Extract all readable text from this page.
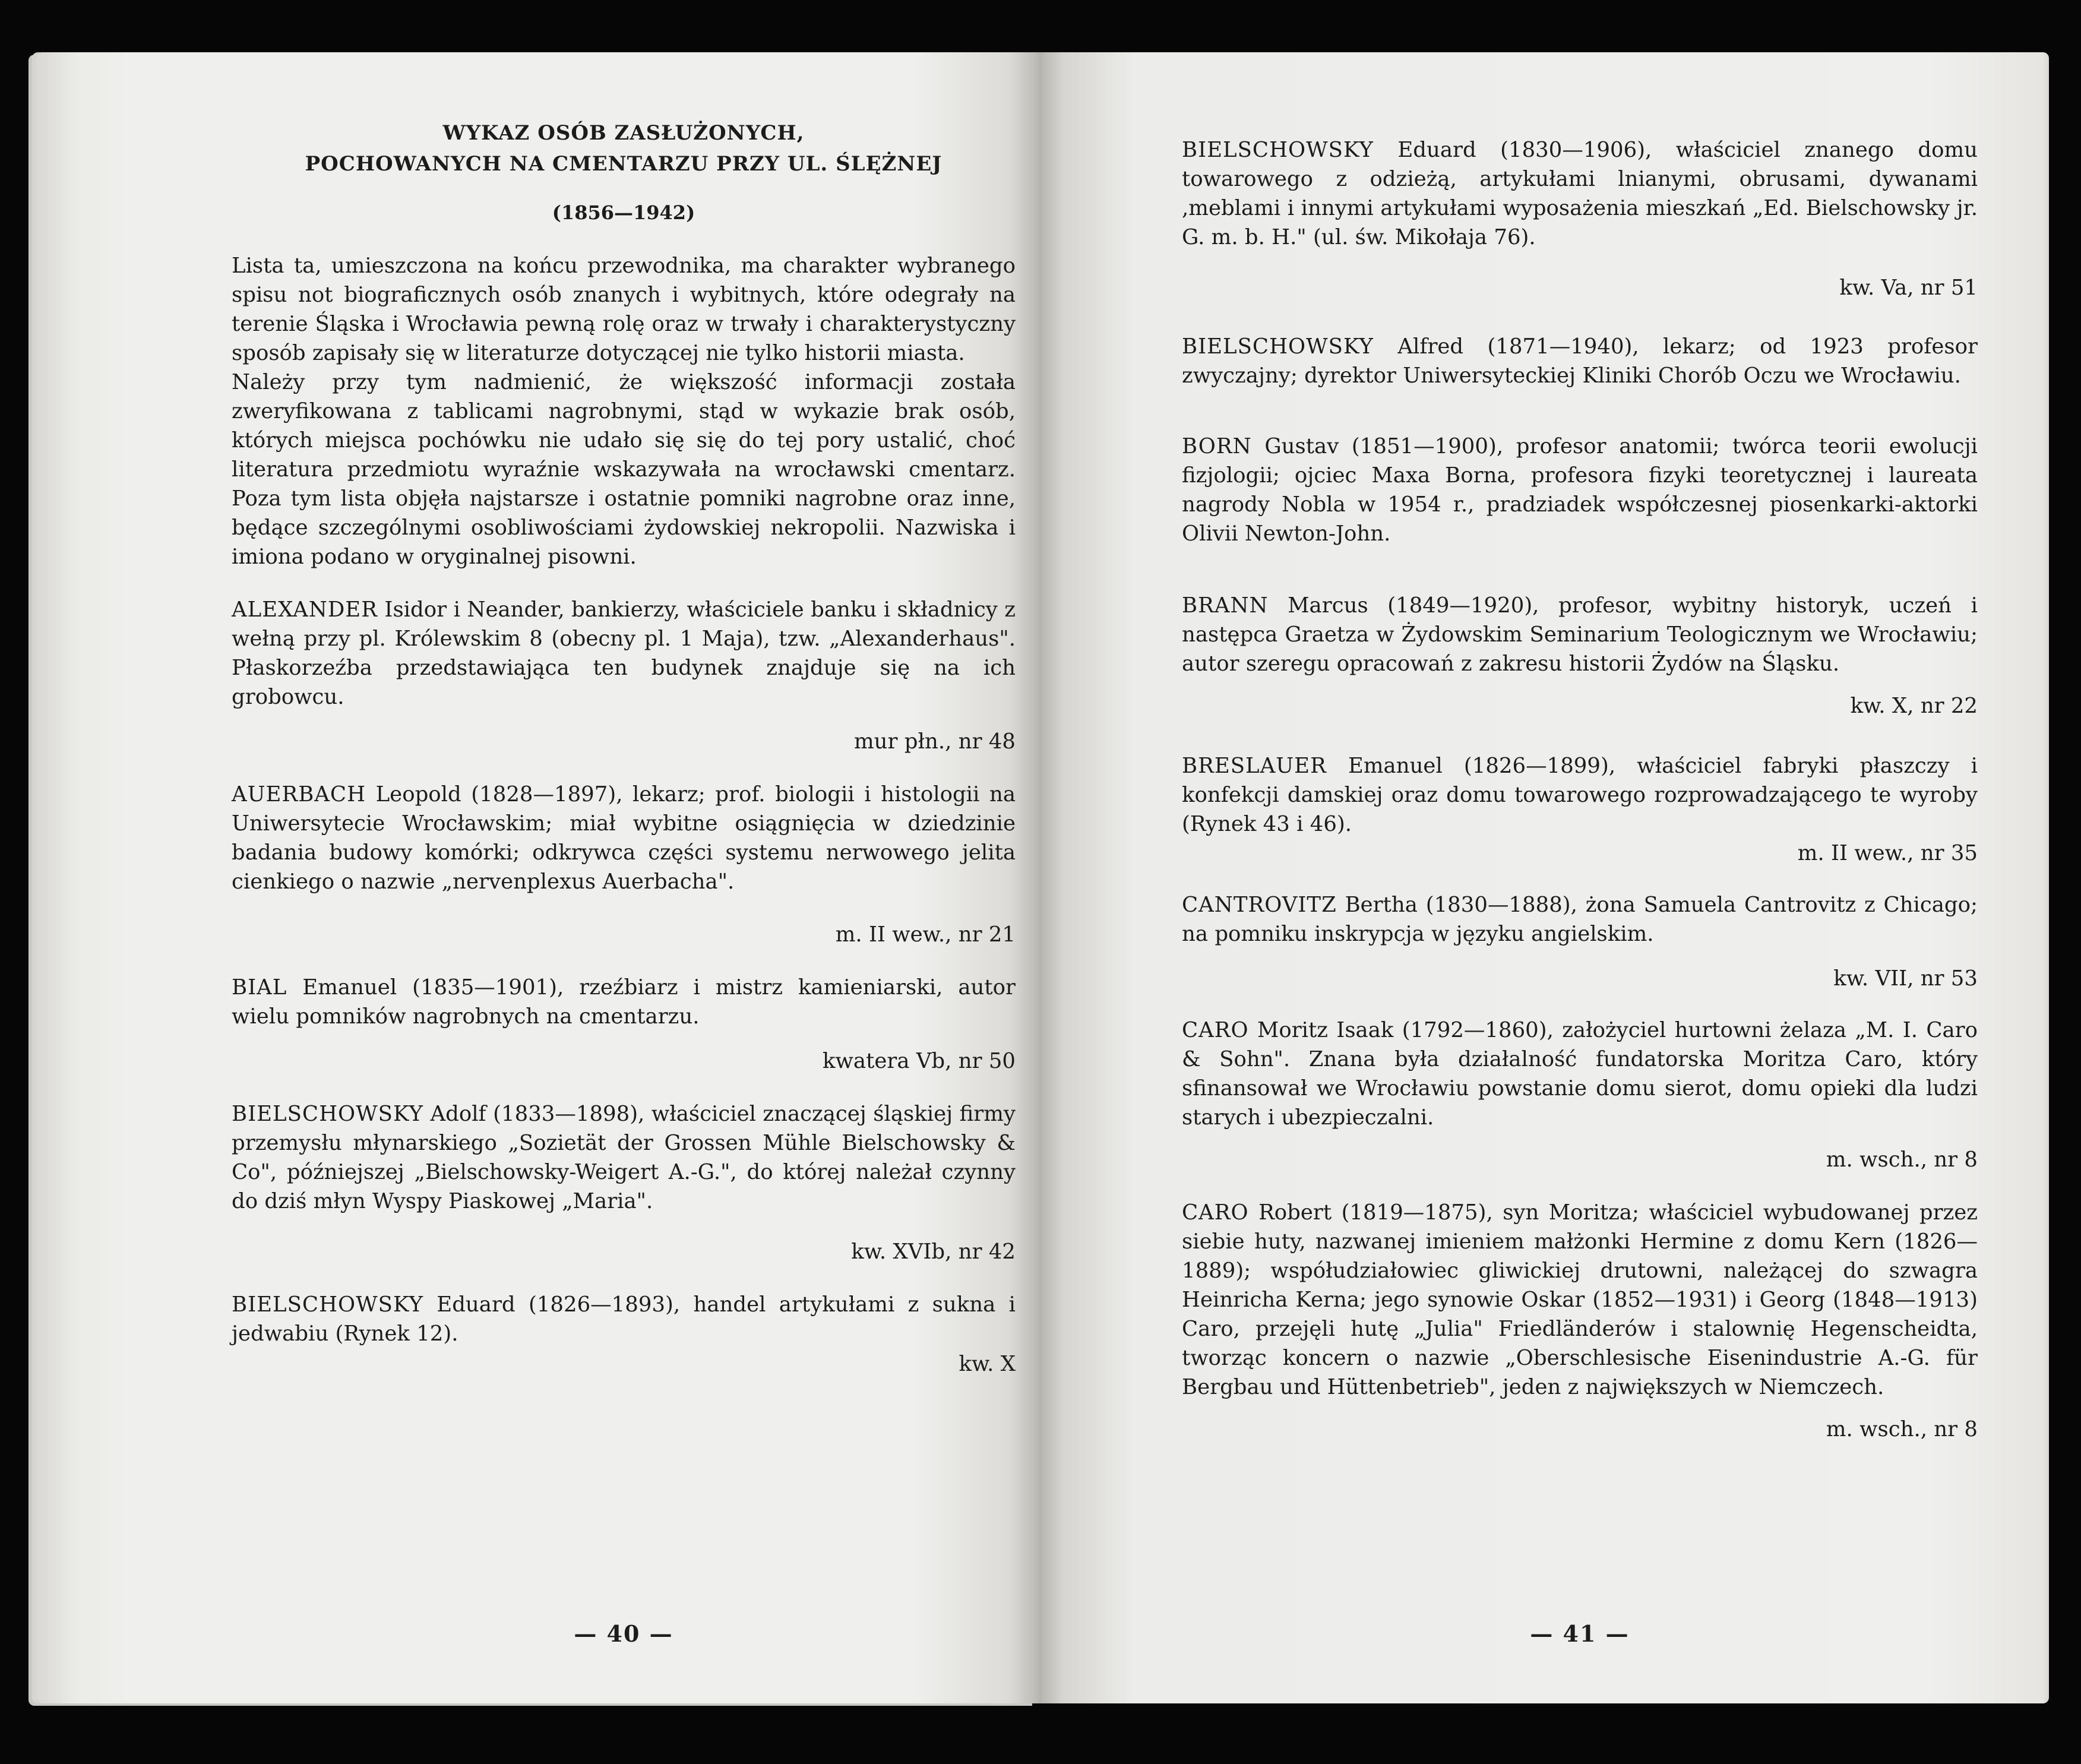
WYKAZ OSÓB ZASŁUŻONYCH,
POCHOWANYCH NA CMENTARZU PRZY UL. ŚLĘŻNEJ
(1856—1942)

Lista ta, umieszczona na końcu przewodnika, ma charakter wybranego spisu not biograficznych osób znanych i wybitnych, które odegrały na terenie Śląska i Wrocławia pewną rolę oraz w trwały i charakterystyczny sposób zapisały się w literaturze dotyczącej nie tylko historii miasta.

Należy przy tym nadmienić, że większość informacji została zweryfikowana z tablicami nagrobnymi, stąd w wykazie brak osób, których miejsca pochówku nie udało się się do tej pory ustalić, choć literatura przedmiotu wyraźnie wskazywała na wrocławski cmentarz. Poza tym lista objęła najstarsze i ostatnie pomniki nagrobne oraz inne, będące szczególnymi osobliwościami żydowskiej nekropolii. Nazwiska i imiona podano w oryginalnej pisowni.

ALEXANDER Isidor i Neander, bankierzy, właściciele banku i składnicy z wełną przy pl. Królewskim 8 (obecny pl. 1 Maja), tzw. „Alexanderhaus". Płaskorzeźba przedstawiająca ten budynek znajduje się na ich grobowcu.

mur płn., nr 48

AUERBACH Leopold (1828—1897), lekarz; prof. biologii i histologii na Uniwersytecie Wrocławskim; miał wybitne osiągnięcia w dziedzinie badania budowy komórki; odkrywca części systemu nerwowego jelita cienkiego o nazwie „nervenplexus Auerbacha".

m. II wew., nr 21

BIAL Emanuel (1835—1901), rzeźbiarz i mistrz kamieniarski, autor wielu pomników nagrobnych na cmentarzu.

kwatera Vb, nr 50

BIELSCHOWSKY Adolf (1833—1898), właściciel znaczącej śląskiej firmy przemysłu młynarskiego „Sozietät der Grossen Mühle Bielschowsky & Co", późniejszej „Bielschowsky-Weigert A.-G.", do której należał czynny do dziś młyn Wyspy Piaskowej „Maria".

kw. XVIb, nr 42

BIELSCHOWSKY Eduard (1826—1893), handel artykułami z sukna i jedwabiu (Rynek 12).

kw. X
— 40 —

BIELSCHOWSKY Eduard (1830—1906), właściciel znanego domu towarowego z odzieżą, artykułami lnianymi, obrusami, dywanami ,meblami i innymi artykułami wyposażenia mieszkań „Ed. Bielschowsky jr. G. m. b. H." (ul. św. Mikołaja 76).

kw. Va, nr 51

BIELSCHOWSKY Alfred (1871—1940), lekarz; od 1923 profesor zwyczajny; dyrektor Uniwersyteckiej Kliniki Chorób Oczu we Wrocławiu.

BORN Gustav (1851—1900), profesor anatomii; twórca teorii ewolucji fizjologii; ojciec Maxa Borna, profesora fizyki teoretycznej i laureata nagrody Nobla w 1954 r., pradziadek współczesnej piosenkarki-aktorki Olivii Newton-John.

BRANN Marcus (1849—1920), profesor, wybitny historyk, uczeń i następca Graetza w Żydowskim Seminarium Teologicznym we Wrocławiu; autor szeregu opracowań z zakresu historii Żydów na Śląsku.

kw. X, nr 22

BRESLAUER Emanuel (1826—1899), właściciel fabryki płaszczy i konfekcji damskiej oraz domu towarowego rozprowadzającego te wyroby (Rynek 43 i 46).

m. II wew., nr 35

CANTROVITZ Bertha (1830—1888), żona Samuela Cantrovitz z Chicago; na pomniku inskrypcja w języku angielskim.

kw. VII, nr 53

CARO Moritz Isaak (1792—1860), założyciel hurtowni żelaza „M. I. Caro & Sohn". Znana była działalność fundatorska Moritza Caro, który sfinansował we Wrocławiu powstanie domu sierot, domu opieki dla ludzi starych i ubezpieczalni.

m. wsch., nr 8

CARO Robert (1819—1875), syn Moritza; właściciel wybudowanej przez siebie huty, nazwanej imieniem małżonki Hermine z domu Kern (1826—1889); współudziałowiec gliwickiej drutowni, należącej do szwagra Heinricha Kerna; jego synowie Oskar (1852—1931) i Georg (1848—1913) Caro, przejęli hutę „Julia" Friedländerów i stalownię Hegenscheidta, tworząc koncern o nazwie „Oberschlesische Eisenindustrie A.-G. für Bergbau und Hüttenbetrieb", jeden z największych w Niemczech.

m. wsch., nr 8
— 41 —
